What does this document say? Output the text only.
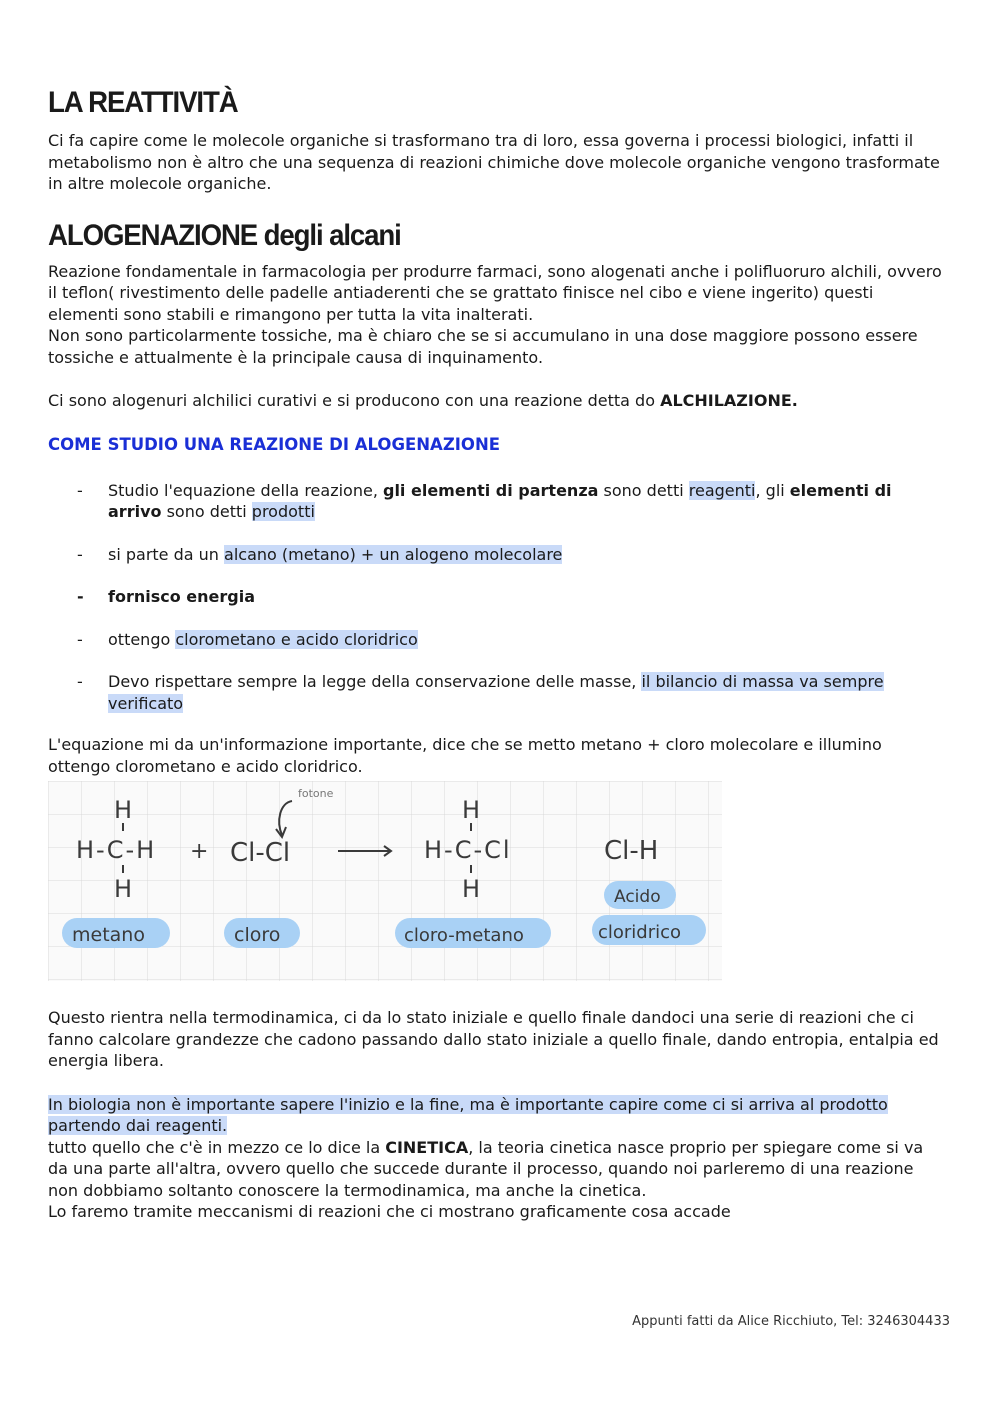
LA REATTIVITÀ

Ci fa capire come le molecole organiche si trasformano tra di loro, essa governa i processi biologici, infatti il metabolismo non è altro che una sequenza di reazioni chimiche dove molecole organiche vengono trasformate in altre molecole organiche.

ALOGENAZIONE degli alcani

Reazione fondamentale in farmacologia per produrre farmaci, sono alogenati anche i polifluoruro alchili, ovvero il teflon( rivestimento delle padelle antiaderenti che se grattato finisce nel cibo e viene ingerito) questi elementi sono stabili e rimangono per tutta la vita inalterati.

Non sono particolarmente tossiche, ma è chiaro che se si accumulano in una dose maggiore possono essere tossiche e attualmente è la principale causa di inquinamento.

Ci sono alogenuri alchilici curativi e si producono con una reazione detta do ALCHILAZIONE.

COME STUDIO UNA REAZIONE DI ALOGENAZIONE
- Studio l'equazione della reazione, gli elementi di partenza sono detti reagenti, gli elementi di arrivo sono detti prodotti
- si parte da un alcano (metano) + un alogeno molecolare
- fornisco energia
- ottengo clorometano e acido cloridrico
- Devo rispettare sempre la legge della conservazione delle masse, il bilancio di massa va sempre verificato

L'equazione mi da un'informazione importante, dice che se metto metano + cloro molecolare e illumino ottengo clorometano e acido cloridrico.

H
H-C-H
H
+ Cl-Cl
fotone
H
H-C-Cl
H
Cl-H
metano	cloro	cloro-metano
Acido
cloridrico

Questo rientra nella termodinamica, ci da lo stato iniziale e quello finale dandoci una serie di reazioni che ci fanno calcolare grandezze che cadono passando dallo stato iniziale a quello finale, dando entropia, entalpia ed energia libera.

In biologia non è importante sapere l'inizio e la fine, ma è importante capire come ci si arriva al prodotto partendo dai reagenti.

tutto quello che c'è in mezzo ce lo dice la CINETICA, la teoria cinetica nasce proprio per spiegare come si va da una parte all'altra, ovvero quello che succede durante il processo, quando noi parleremo di una reazione non dobbiamo soltanto conoscere la termodinamica, ma anche la cinetica.

Lo faremo tramite meccanismi di reazioni che ci mostrano graficamente cosa accade

Appunti fatti da Alice Ricchiuto, Tel: 3246304433
